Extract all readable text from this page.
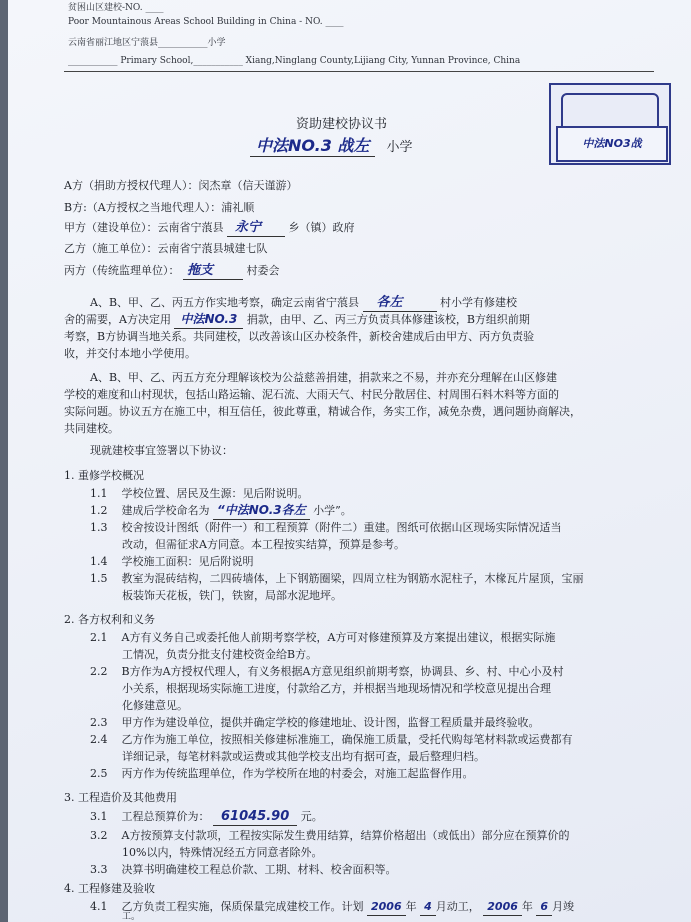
贫困山区建校-NO. ____
Poor Mountainous Areas School Building in China - NO. ____
云南省丽江地区宁蒗县___________小学
___________ Primary School,___________ Xiang,Ninglang County,Lijiang City, Yunnan Province, China
中法NO3战
资助建校协议书
中法NO.3 战左 小学
A方（捐助方授权代理人）：闵杰章（信天谨游）
B方:（A方授权之当地代理人）：浦礼顺
甲方（建设单位）：云南省宁蒗县 永宁	乡（镇）政府
乙方（施工单位）：云南省宁蒗县城建七队
丙方（传统监理单位）： 拖支	村委会
A、B、甲、乙、丙五方作实地考察，确定云南省宁蒗县 各左	村小学有修建校
舍的需要，A方决定用 中法NO.3 捐款，由甲、乙、丙三方负责具体修建该校，B方组织前期
考察，B方协调当地关系。共同建校，以改善该山区办校条件，新校舍建成后由甲方、丙方负责验
收，并交付本地小学使用。
A、B、甲、乙、丙五方充分理解该校为公益慈善捐建，捐款来之不易，并亦充分理解在山区修建
学校的难度和山村现状，包括山路运输、泥石流、大雨天气、村民分散居住、村周围石料木料等方面的
实际问题。协议五方在施工中，相互信任，彼此尊重，精诚合作，务实工作，减免杂费，遇问题协商解决，
共同建校。
现就建校事宜签署以下协议：
1. 重修学校概况
1.1 学校位置、居民及生源：见后附说明。
1.2 建成后学校命名为 “中法NO.3各左 小学”。
1.3 校舍按设计图纸（附件一）和工程预算（附件二）重建。图纸可依据山区现场实际情况适当
改动，但需征求A方同意。本工程按实结算，预算是参考。
1.4 学校施工面积：见后附说明
1.5 教室为混砖结构，二四砖墙体，上下钢筋圈梁，四周立柱为钢筋水泥柱子，木椽瓦片屋顶，宝丽
板装饰天花板，铁门，铁窗，局部水泥地坪。
2. 各方权利和义务
2.1 A方有义务自己或委托他人前期考察学校，A方可对修建预算及方案提出建议，根据实际施
工情况，负责分批支付建校资金给B方。
2.2 B方作为A方授权代理人，有义务根据A方意见组织前期考察，协调县、乡、村、中心小及村
小关系，根据现场实际施工进度，付款给乙方，并根据当地现场情况和学校意见提出合理
化修建意见。
2.3 甲方作为建设单位，提供并确定学校的修建地址、设计图，监督工程质量并最终验收。
2.4 乙方作为施工单位，按照相关修建标准施工，确保施工质量，受托代购每笔材料款或运费都有
详细记录，每笔材料款或运费或其他学校支出均有据可查，最后整理归档。
2.5 丙方作为传统监理单位，作为学校所在地的村委会，对施工起监督作用。
3. 工程造价及其他费用
3.1 工程总预算价为： 61045.90 元。
3.2 A方按预算支付款项，工程按实际发生费用结算，结算价格超出（或低出）部分应在预算价的
10%以内，特殊情况经五方同意者除外。
3.3 决算书明确建校工程总价款、工期、材料、校舍面积等。
4. 工程修建及验收
4.1 乙方负责工程实施，保质保量完成建校工作。计划 2006 年 4 月动工， 2006 年 6 月竣
工。
